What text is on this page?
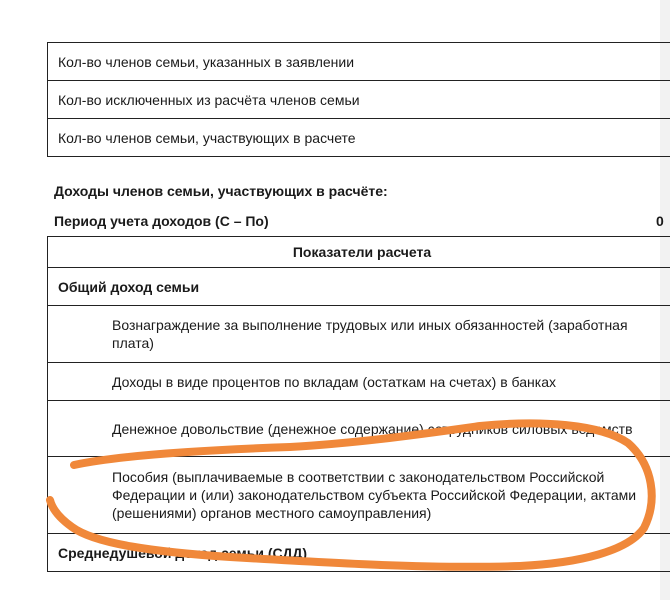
Кол-во членов семьи, указанных в заявлении
Кол-во исключенных из расчёта членов семьи
Кол-во членов семьи, участвующих в расчете
Доходы членов семьи, участвующих в расчёте:
Период учета доходов (С – По)	0
Показатели расчета
Общий доход семьи
Вознаграждение за выполнение трудовых или иных обязанностей (заработная плата)
Доходы в виде процентов по вкладам (остаткам на счетах) в банках
Денежное довольствие (денежное содержание) сотрудников силовых ведомств
Пособия (выплачиваемые в соответствии с законодательством Российской Федерации и (или) законодательством субъекта Российской Федерации, актами (решениями) органов местного самоуправления)
Среднедушевой доход семьи (СДД)
